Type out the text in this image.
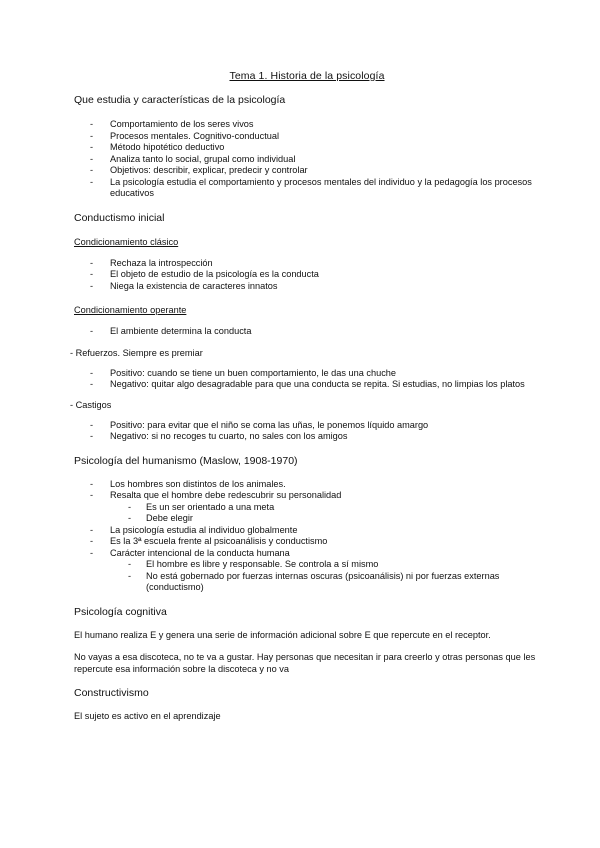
Tema 1. Historia de la psicología

Que estudia y características de la psicología

- Comportamiento de los seres vivos
- Procesos mentales. Cognitivo-conductual
- Método hipotético deductivo
- Analiza tanto lo social, grupal como individual
- Objetivos: describir, explicar, predecir y controlar
- La psicología estudia el comportamiento y procesos mentales del individuo y la pedagogía los procesos educativos

Conductismo inicial

Condicionamiento clásico

- Rechaza la introspección
- El objeto de estudio de la psicología es la conducta
- Niega la existencia de caracteres innatos

Condicionamiento operante

- El ambiente determina la conducta

- Refuerzos. Siempre es premiar

- Positivo: cuando se tiene un buen comportamiento, le das una chuche
- Negativo: quitar algo desagradable para que una conducta se repita. Si estudias, no limpias los platos

- Castigos

- Positivo: para evitar que el niño se coma las uñas, le ponemos líquido amargo
- Negativo: si no recoges tu cuarto, no sales con los amigos

Psicología del humanismo (Maslow, 1908-1970)

- Los hombres son distintos de los animales.
- Resalta que el hombre debe redescubrir su personalidad
- Es un ser orientado a una meta
- Debe elegir
- La psicología estudia al individuo globalmente
- Es la 3ª escuela frente al psicoanálisis y conductismo
- Carácter intencional de la conducta humana
- El hombre es libre y responsable. Se controla a sí mismo
- No está gobernado por fuerzas internas oscuras (psicoanálisis) ni por fuerzas externas (conductismo)

Psicología cognitiva

El humano realiza E y genera una serie de información adicional sobre E que repercute en el receptor.

No vayas a esa discoteca, no te va a gustar. Hay personas que necesitan ir para creerlo y otras personas que les repercute esa información sobre la discoteca y no va

Constructivismo

El sujeto es activo en el aprendizaje
